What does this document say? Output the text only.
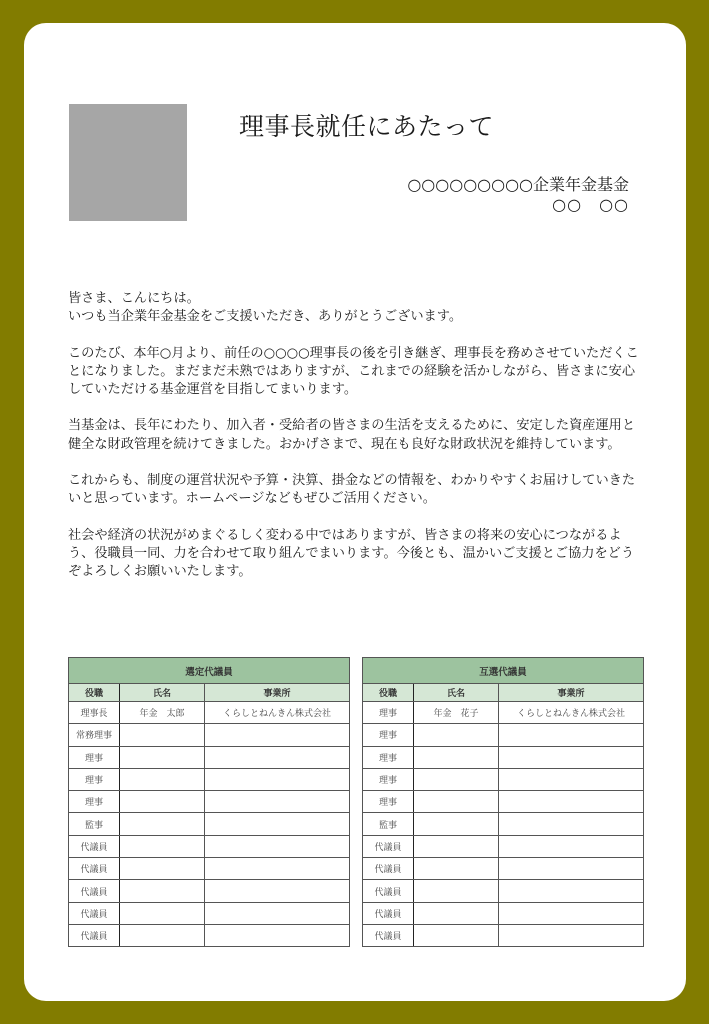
理事長就任にあたって
○○○○○○○○○企業年金基金
○○　○○

皆さま、こんにちは。
いつも当企業年金基金をご支援いただき、ありがとうございます。

このたび、本年○月より、前任の○○○○理事長の後を引き継ぎ、理事長を務めさせていただくことになりました。まだまだ未熟ではありますが、これまでの経験を活かしながら、皆さまに安心していただける基金運営を目指してまいります。

当基金は、長年にわたり、加入者・受給者の皆さまの生活を支えるために、安定した資産運用と健全な財政管理を続けてきました。おかげさまで、現在も良好な財政状況を維持しています。

これからも、制度の運営状況や予算・決算、掛金などの情報を、わかりやすくお届けしていきたいと思っています。ホームページなどもぜひご活用ください。

社会や経済の状況がめまぐるしく変わる中ではありますが、皆さまの将来の安心につながるよう、役職員一同、力を合わせて取り組んでまいります。今後とも、温かいご支援とご協力をどうぞよろしくお願いいたします。

選定代議員		
役職	氏名	事業所
理事長	年金　太郎	くらしとねんきん株式会社
常務理事		
理事		
理事		
理事		
監事		
代議員		
代議員		
代議員		
代議員		
代議員		
互選代議員		
役職	氏名	事業所
理事	年金　花子	くらしとねんきん株式会社
理事		
理事		
理事		
理事		
監事		
代議員		
代議員		
代議員		
代議員		
代議員		
